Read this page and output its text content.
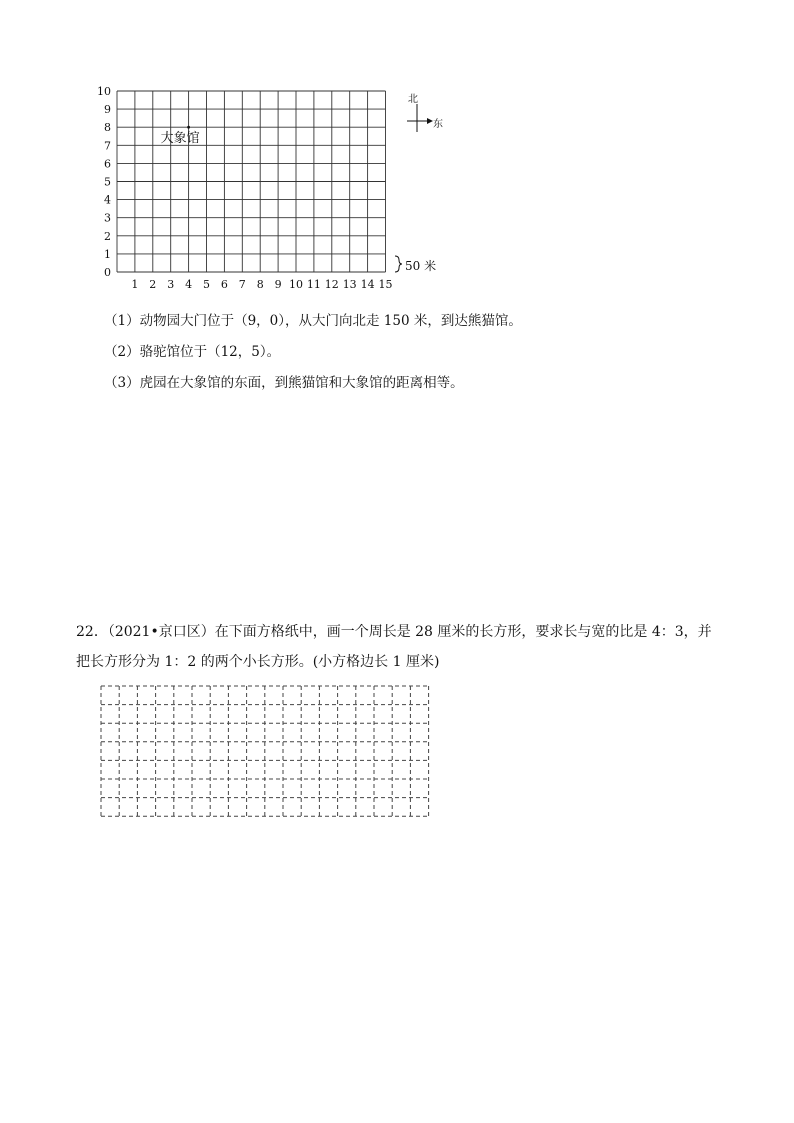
0
1
2
3
4
5
6
7
8
9
10
1 2 3 4 5 6 7 8 9 10 11 12 13 14 15
大象馆
北
东
50 米
（1）动物园大门位于（9，0），从大门向北走 150 米，到达熊猫馆。
（2）骆驼馆位于（12，5）。
（3）虎园在大象馆的东面，到熊猫馆和大象馆的距离相等。
22．（2021•京口区）在下面方格纸中，画一个周长是 28 厘米的长方形，要求长与宽的比是 4：3，并
把长方形分为 1：2 的两个小长方形。(小方格边长 1 厘米)
